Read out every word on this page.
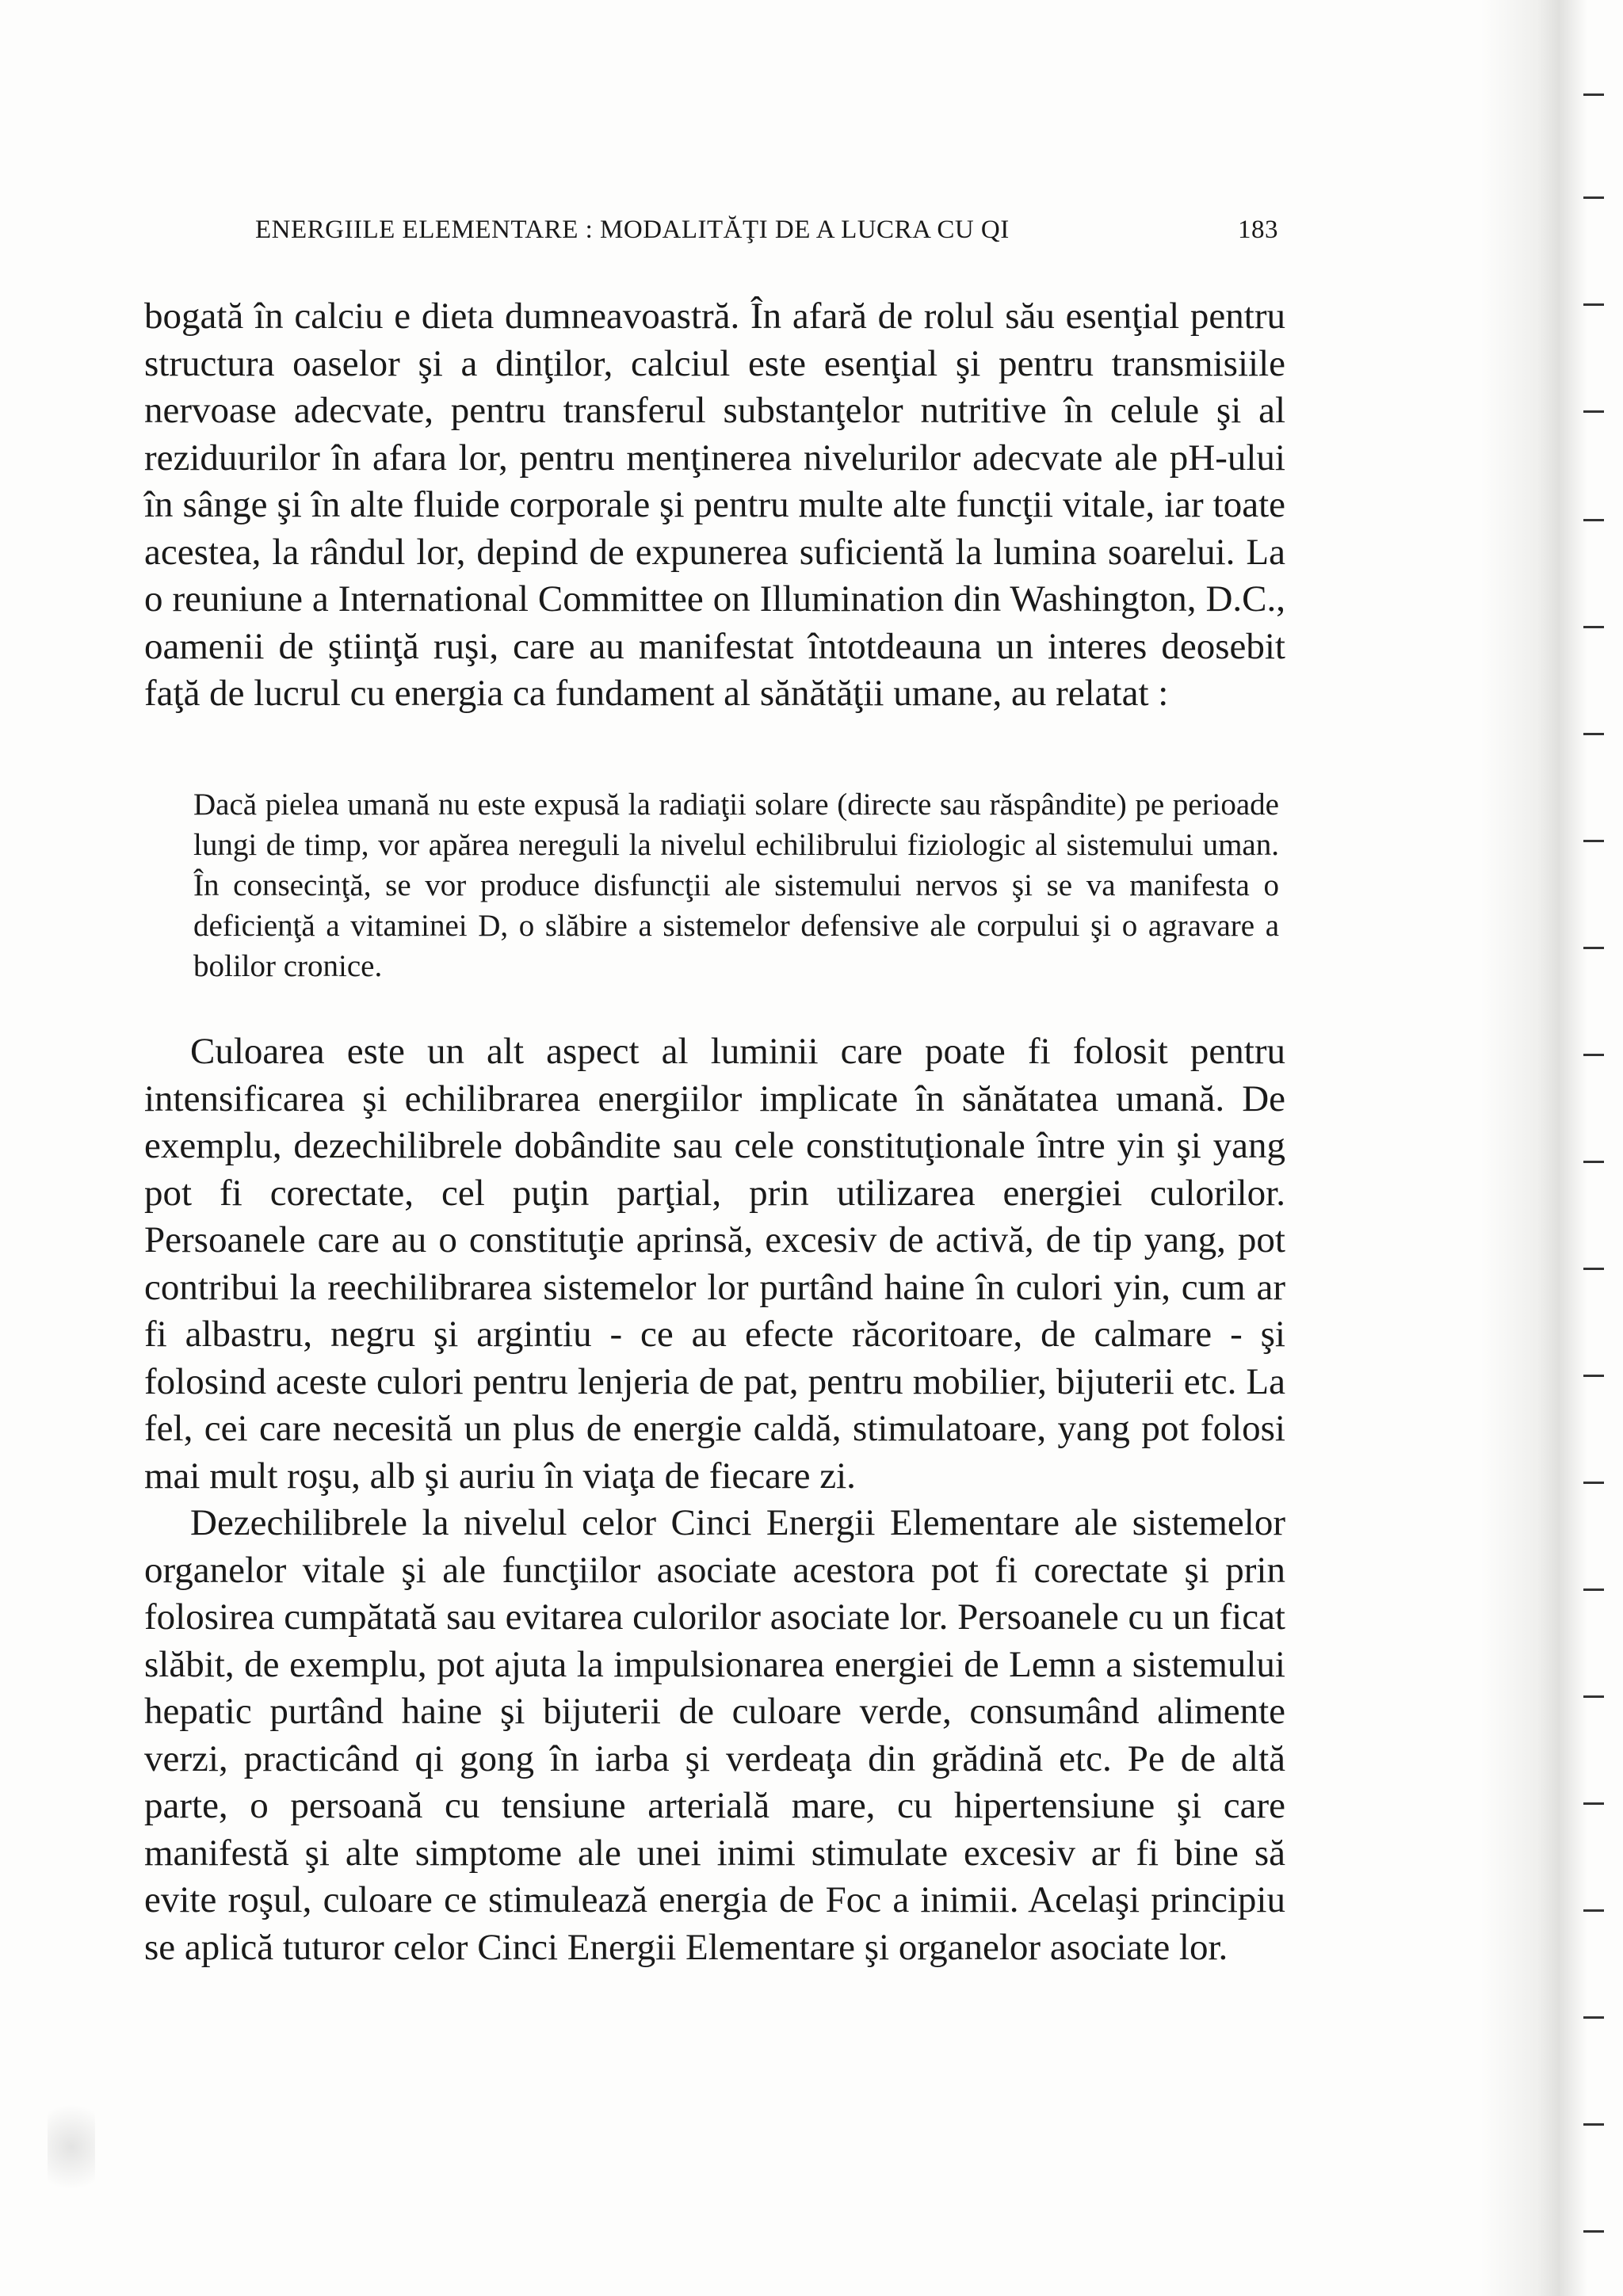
ENERGIILE ELEMENTARE : MODALITĂŢI DE A LUCRA CU QI	183

bogată în calciu e dieta dumneavoastră. În afară de rolul său esenţial pentru structura oaselor şi a dinţilor, calciul este esenţial şi pentru transmisiile nervoase adecvate, pentru transferul substanţelor nutritive în celule şi al reziduurilor în afara lor, pentru menţinerea nivelurilor adecvate ale pH-ului în sânge şi în alte fluide corporale şi pentru multe alte funcţii vitale, iar toate acestea, la rândul lor, depind de expunerea suficientă la lumina soarelui. La o reuniune a International Committee on Illumination din Washington, D.C., oamenii de ştiinţă ruşi, care au manifestat întotdeauna un interes deosebit faţă de lucrul cu energia ca fundament al sănătăţii umane, au relatat :

Dacă pielea umană nu este expusă la radiaţii solare (directe sau răspândite) pe perioade lungi de timp, vor apărea nereguli la nivelul echilibrului fiziologic al sistemului uman. În consecinţă, se vor produce disfuncţii ale sistemului nervos şi se va manifesta o deficienţă a vitaminei D, o slăbire a sistemelor defensive ale corpului şi o agravare a bolilor cronice.

Culoarea este un alt aspect al luminii care poate fi folosit pentru intensificarea şi echilibrarea energiilor implicate în sănătatea umană. De exemplu, dezechilibrele dobândite sau cele constituţionale între yin şi yang pot fi corectate, cel puţin parţial, prin utilizarea energiei culorilor. Persoanele care au o constituţie aprinsă, excesiv de activă, de tip yang, pot contribui la reechilibrarea sistemelor lor purtând haine în culori yin, cum ar fi albastru, negru şi argintiu - ce au efecte răcoritoare, de calmare - şi folosind aceste culori pentru lenjeria de pat, pentru mobilier, bijuterii etc. La fel, cei care necesită un plus de energie caldă, stimulatoare, yang pot folosi mai mult roşu, alb şi auriu în viaţa de fiecare zi.

Dezechilibrele la nivelul celor Cinci Energii Elementare ale sistemelor organelor vitale şi ale funcţiilor asociate acestora pot fi corectate şi prin folosirea cumpătată sau evitarea culorilor asociate lor. Persoanele cu un ficat slăbit, de exemplu, pot ajuta la impulsionarea energiei de Lemn a sistemului hepatic purtând haine şi bijuterii de culoare verde, consumând alimente verzi, practicând qi gong în iarba şi verdeaţa din grădină etc. Pe de altă parte, o persoană cu tensiune arterială mare, cu hipertensiune şi care manifestă şi alte simptome ale unei inimi stimulate excesiv ar fi bine să evite roşul, culoare ce stimulează energia de Foc a inimii. Acelaşi principiu se aplică tuturor celor Cinci Energii Elementare şi organelor asociate lor.
